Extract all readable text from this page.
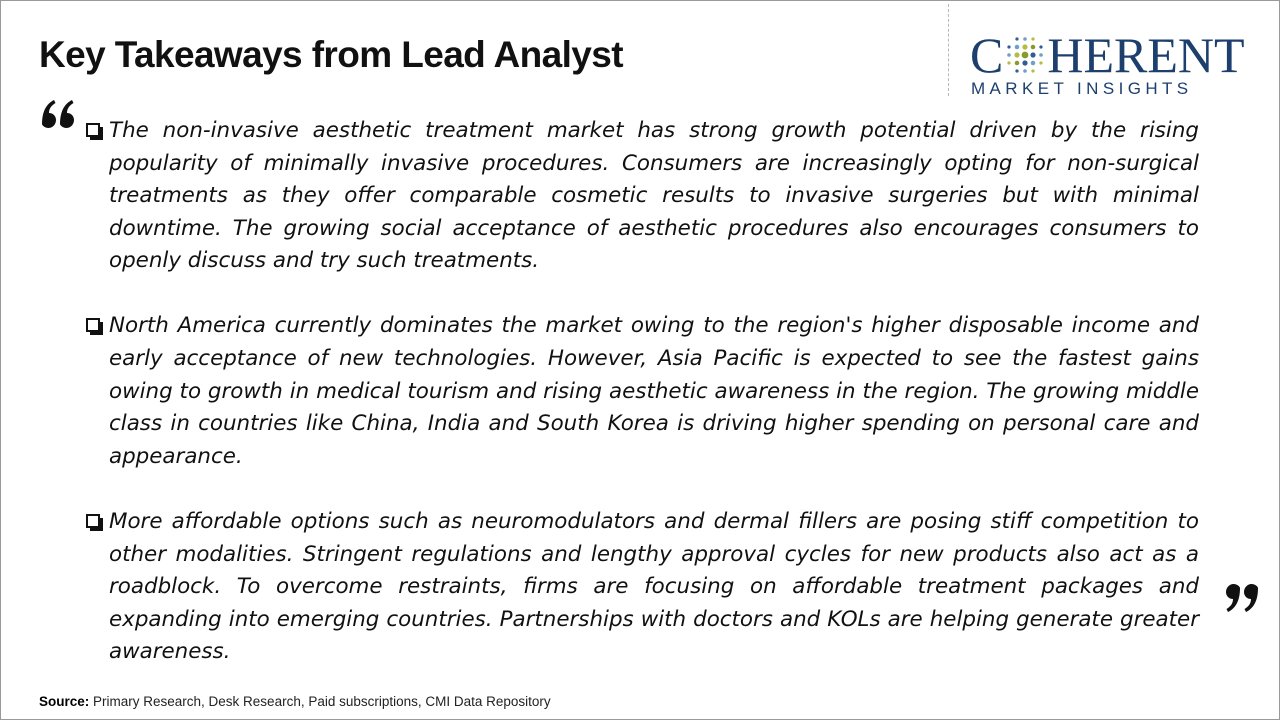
Key Takeaways from Lead Analyst	C HERENT
MARKET INSIGHTS
The non-invasive aesthetic treatment market has strong growth potential driven by the rising popularity of minimally invasive procedures. Consumers are increasingly opting for non-surgical treatments as they offer comparable cosmetic results to invasive surgeries but with minimal downtime. The growing social acceptance of aesthetic procedures also encourages consumers to openly discuss and try such treatments.
North America currently dominates the market owing to the region's higher disposable income and early acceptance of new technologies. However, Asia Pacific is expected to see the fastest gains owing to growth in medical tourism and rising aesthetic awareness in the region. The growing middle class in countries like China, India and South Korea is driving higher spending on personal care and appearance.
More affordable options such as neuromodulators and dermal fillers are posing stiff competition to other modalities. Stringent regulations and lengthy approval cycles for new products also act as a roadblock. To overcome restraints, firms are focusing on affordable treatment packages and expanding into emerging countries. Partnerships with doctors and KOLs are helping generate greater awareness.
Source: Primary Research, Desk Research, Paid subscriptions, CMI Data Repository
